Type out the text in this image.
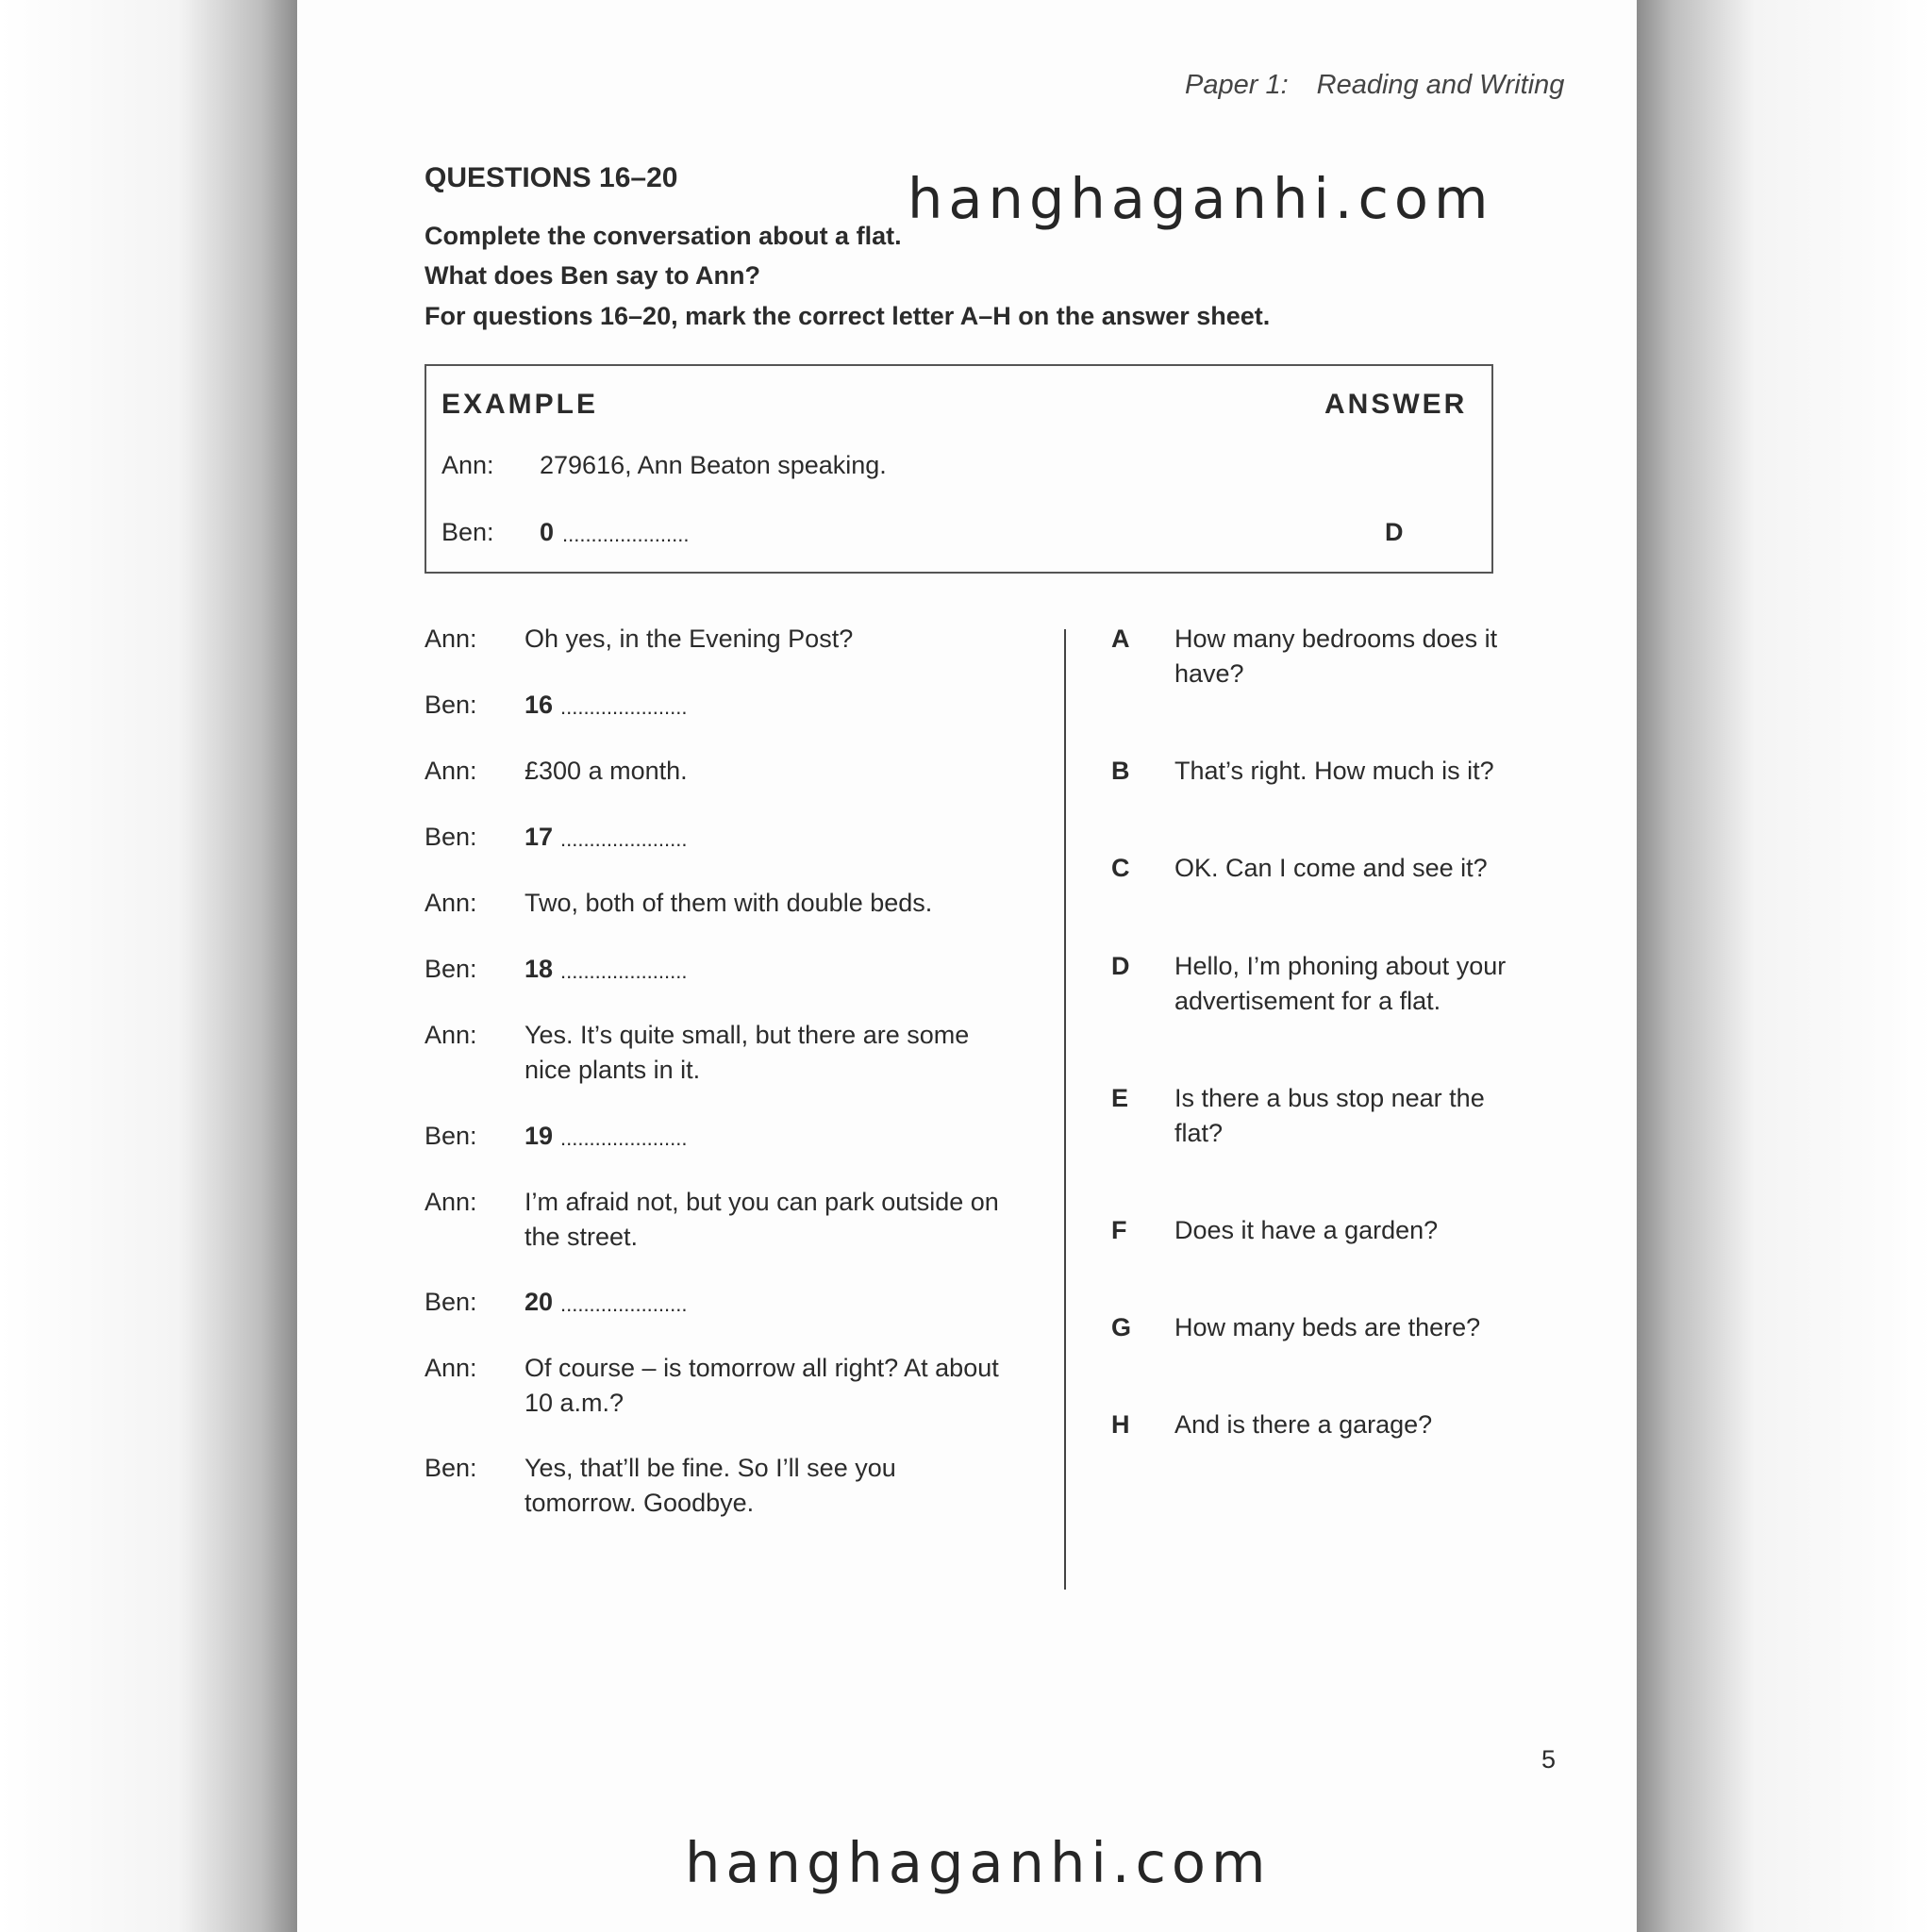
Paper 1: Reading and Writing
QUESTIONS 16–20
Complete the conversation about a flat.
What does Ben say to Ann?
For questions 16–20, mark the correct letter A–H on the answer sheet.
hanghaganhi.com
hanghaganhi.com
EXAMPLE	ANSWER
Ann: 279616, Ann Beaton speaking.
Ben: 0 ......................	D
Ann: Oh yes, in the Evening Post?
Ben: 16 ......................
Ann: £300 a month.
Ben: 17 ......................
Ann: Two, both of them with double beds.
Ben: 18 ......................
Ann: Yes. It’s quite small, but there are some
nice plants in it.
Ben: 19 ......................
Ann: I’m afraid not, but you can park outside on
the street.
Ben: 20 ......................
Ann: Of course – is tomorrow all right? At about
10 a.m.?
Ben: Yes, that’ll be fine. So I’ll see you
tomorrow. Goodbye.
A How many bedrooms does it
have?
B That’s right. How much is it?
C OK. Can I come and see it?
D Hello, I’m phoning about your
advertisement for a flat.
E Is there a bus stop near the
flat?
F Does it have a garden?
G How many beds are there?
H And is there a garage?
5
